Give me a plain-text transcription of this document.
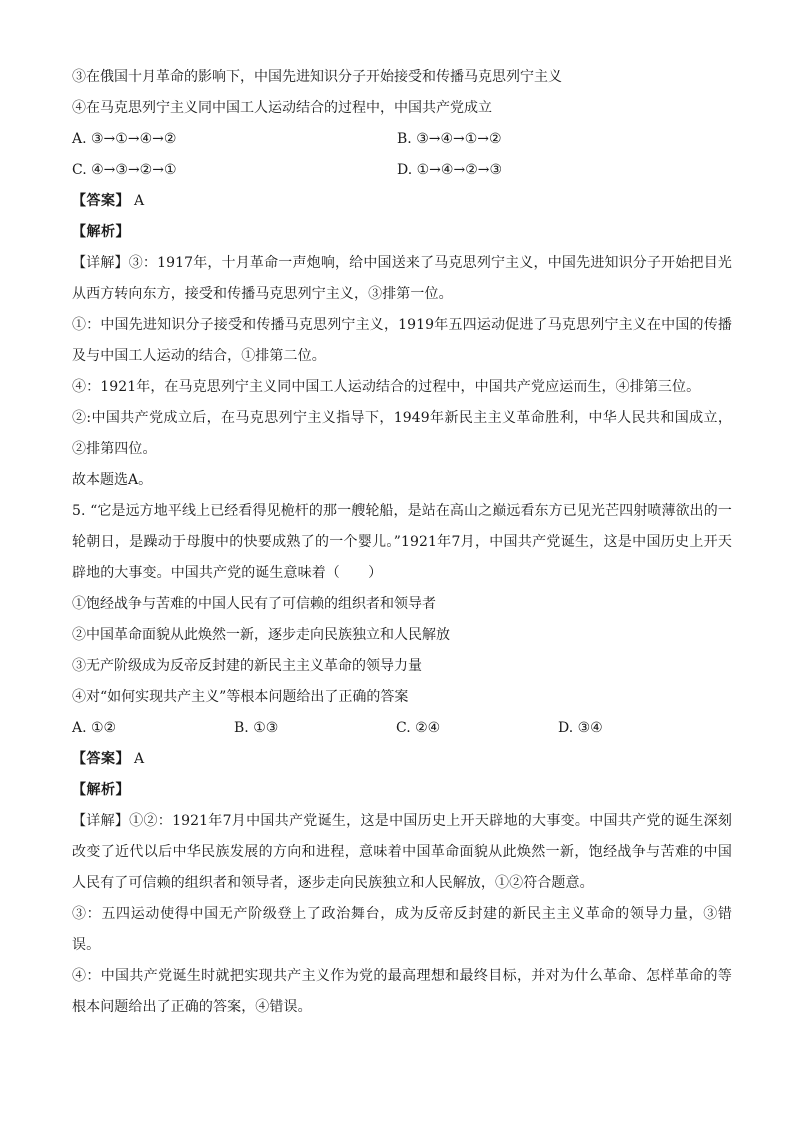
③在俄国十月革命的影响下，中国先进知识分子开始接受和传播马克思列宁主义
④在马克思列宁主义同中国工人运动结合的过程中，中国共产党成立
A. ③→①→④→②	B. ③→④→①→②
C. ④→③→②→①	D. ①→④→②→③
【答案】 A
【解析】
【详解】③：1917年，十月革命一声炮响，给中国送来了马克思列宁主义，中国先进知识分子开始把目光从西方转向东方，接受和传播马克思列宁主义，③排第一位。
①：中国先进知识分子接受和传播马克思列宁主义，1919年五四运动促进了马克思列宁主义在中国的传播及与中国工人运动的结合，①排第二位。
④：1921年，在马克思列宁主义同中国工人运动结合的过程中，中国共产党应运而生，④排第三位。
②:中国共产党成立后，在马克思列宁主义指导下，1949年新民主主义革命胜利，中华人民共和国成立，②排第四位。
故本题选A。
5. “它是远方地平线上已经看得见桅杆的那一艘轮船，是站在高山之巅远看东方已见光芒四射喷薄欲出的一轮朝日，是躁动于母腹中的快要成熟了的一个婴儿。”1921年7月，中国共产党诞生，这是中国历史上开天辟地的大事变。中国共产党的诞生意味着（　　）
①饱经战争与苦难的中国人民有了可信赖的组织者和领导者
②中国革命面貌从此焕然一新，逐步走向民族独立和人民解放
③无产阶级成为反帝反封建的新民主主义革命的领导力量
④对“如何实现共产主义”等根本问题给出了正确的答案
A. ①②	B. ①③	C. ②④	D. ③④
【答案】 A
【解析】
【详解】①②：1921年7月中国共产党诞生，这是中国历史上开天辟地的大事变。中国共产党的诞生深刻改变了近代以后中华民族发展的方向和进程，意味着中国革命面貌从此焕然一新，饱经战争与苦难的中国人民有了可信赖的组织者和领导者，逐步走向民族独立和人民解放，①②符合题意。
③：五四运动使得中国无产阶级登上了政治舞台，成为反帝反封建的新民主主义革命的领导力量，③错误。
④：中国共产党诞生时就把实现共产主义作为党的最高理想和最终目标，并对为什么革命、怎样革命的等根本问题给出了正确的答案，④错误。
